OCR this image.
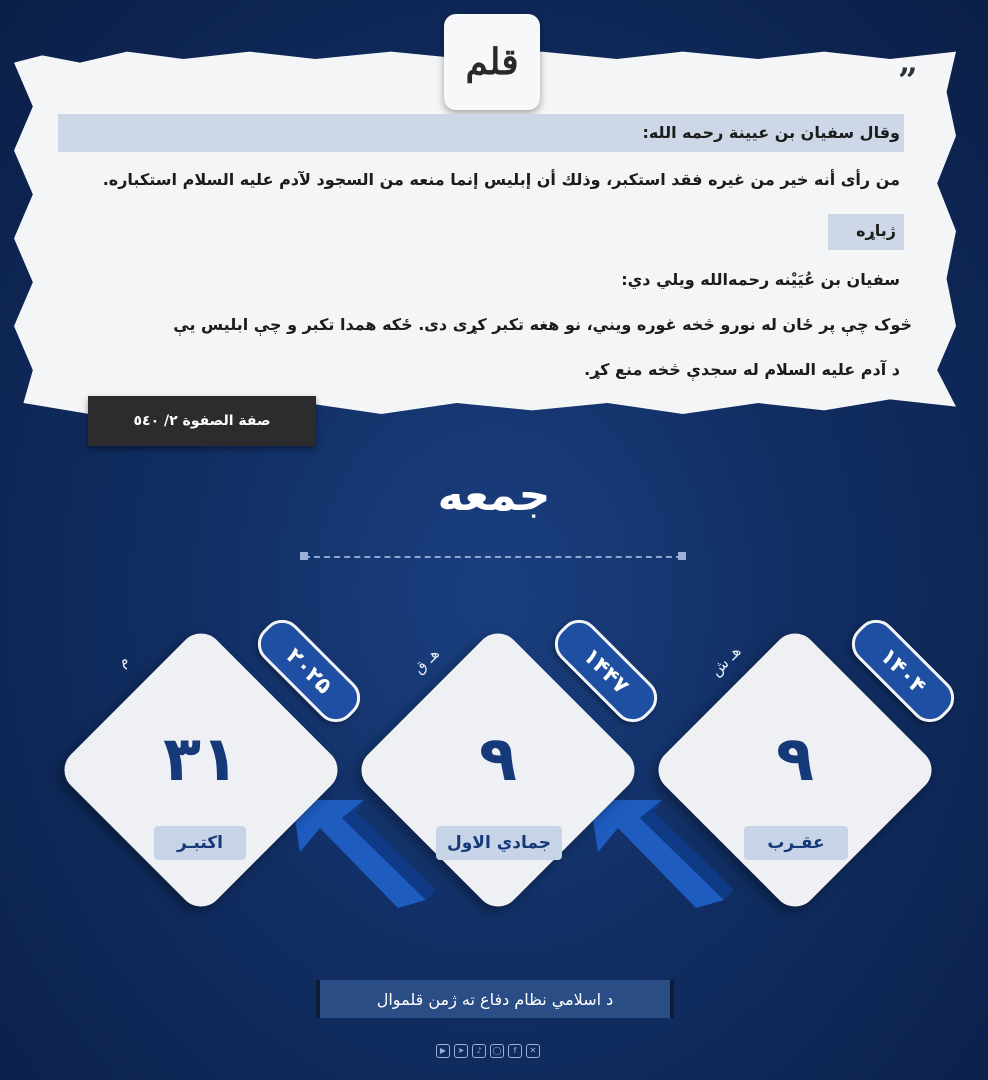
قلم	”
وقال سفيان بن عيينة رحمه الله:
من رأى أنه خير من غيره فقد استكبر، وذلك أن إبليس إنما منعه من السجود لآدم عليه السلام استكباره.
ژباړه
سفيان بن عُيَيْنه رحمه‌الله ويلي دي:
څوک چې پر ځان له نورو څخه غوره ويني، نو هغه تکبر کړی دی. ځکه همدا تکبر و چې ابليس يې
د آدم عليه السلام له سجدې څخه منع کړ.
صفة الصفوة ٢/ ٥٤٠
جمعه
۳۱
اکتبـر
۲۰۲۵
م
۹
جمادي الاول
۱۴۴۷
هـ ق
۹
عقـرب
۱۴۰۴
هـ ش
د اسلامي نظام دفاع ته ژمن قلموال
▶	➤	♪	◯	f	✕
